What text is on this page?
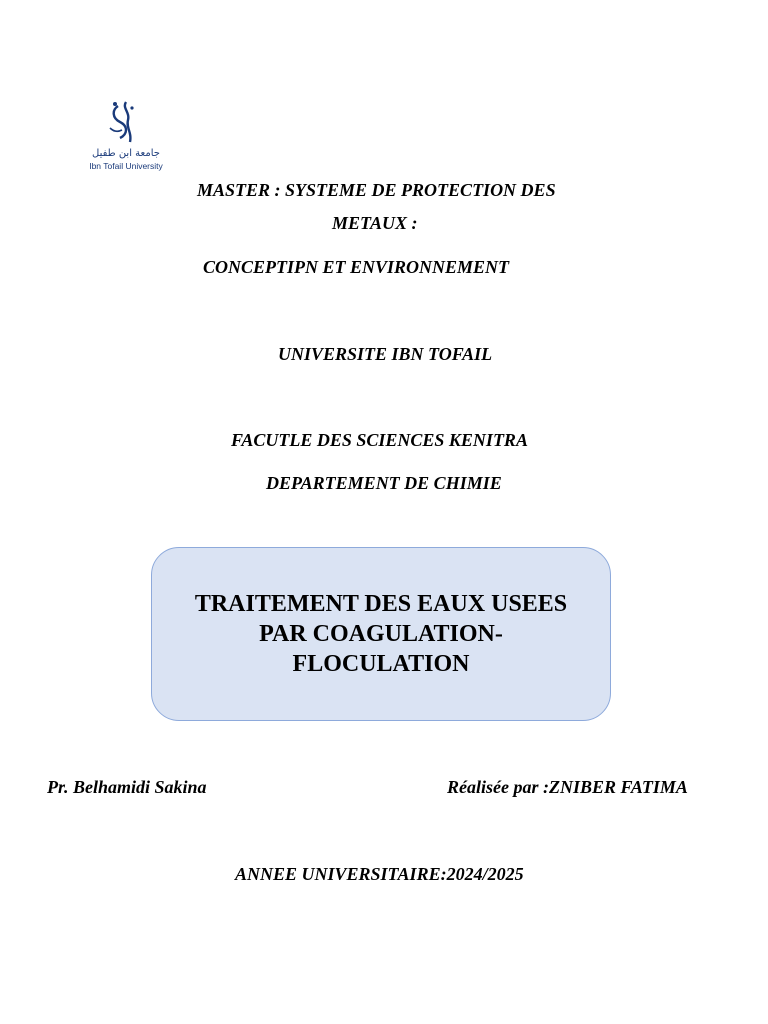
جامعة ابن طفيل
Ibn Tofail University
MASTER : SYSTEME DE PROTECTION DES
METAUX :
CONCEPTIPN ET ENVIRONNEMENT
UNIVERSITE IBN TOFAIL
FACUTLE DES SCIENCES KENITRA
DEPARTEMENT DE CHIMIE
TRAITEMENT DES EAUX USEES
PAR COAGULATION-
FLOCULATION
Pr. Belhamidi Sakina	Réalisée par :ZNIBER FATIMA
ANNEE UNIVERSITAIRE:2024/2025
